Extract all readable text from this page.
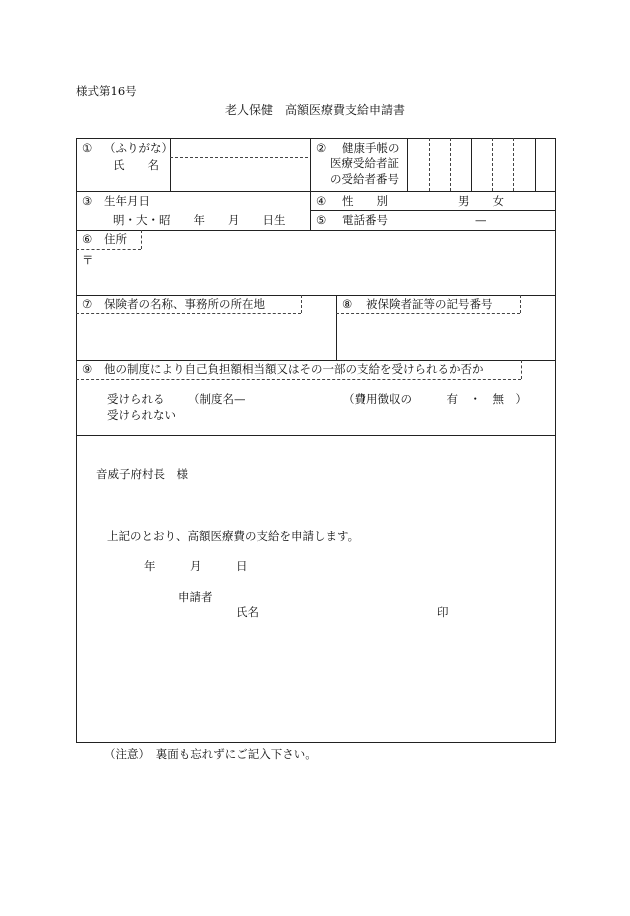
様式第16号
老人保健　高額医療費支給申請書
① （ふりがな）
氏　　名
② 健康手帳の
医療受給者証
の受給者番号
③ 生年月日
明・大・昭　　年　　月　　日生
④ 性　　別	男　　女
⑤ 電話番号	—
⑥ 住所
〒
⑦ 保険者の名称、事務所の所在地	⑧ 被保険者証等の記号番号
⑨ 他の制度により自己負担額相当額又はその一部の支給を受けられるか否か
受けられる （制度名—　　　　　　　　　　）
（費用徴収の　　　有　・　無　）
受けられない
音威子府村長　様
上記のとおり、高額医療費の支給を申請します。
年　　　月　　　日
申請者
氏名	印
（注意）　裏面も忘れずにご記入下さい。
